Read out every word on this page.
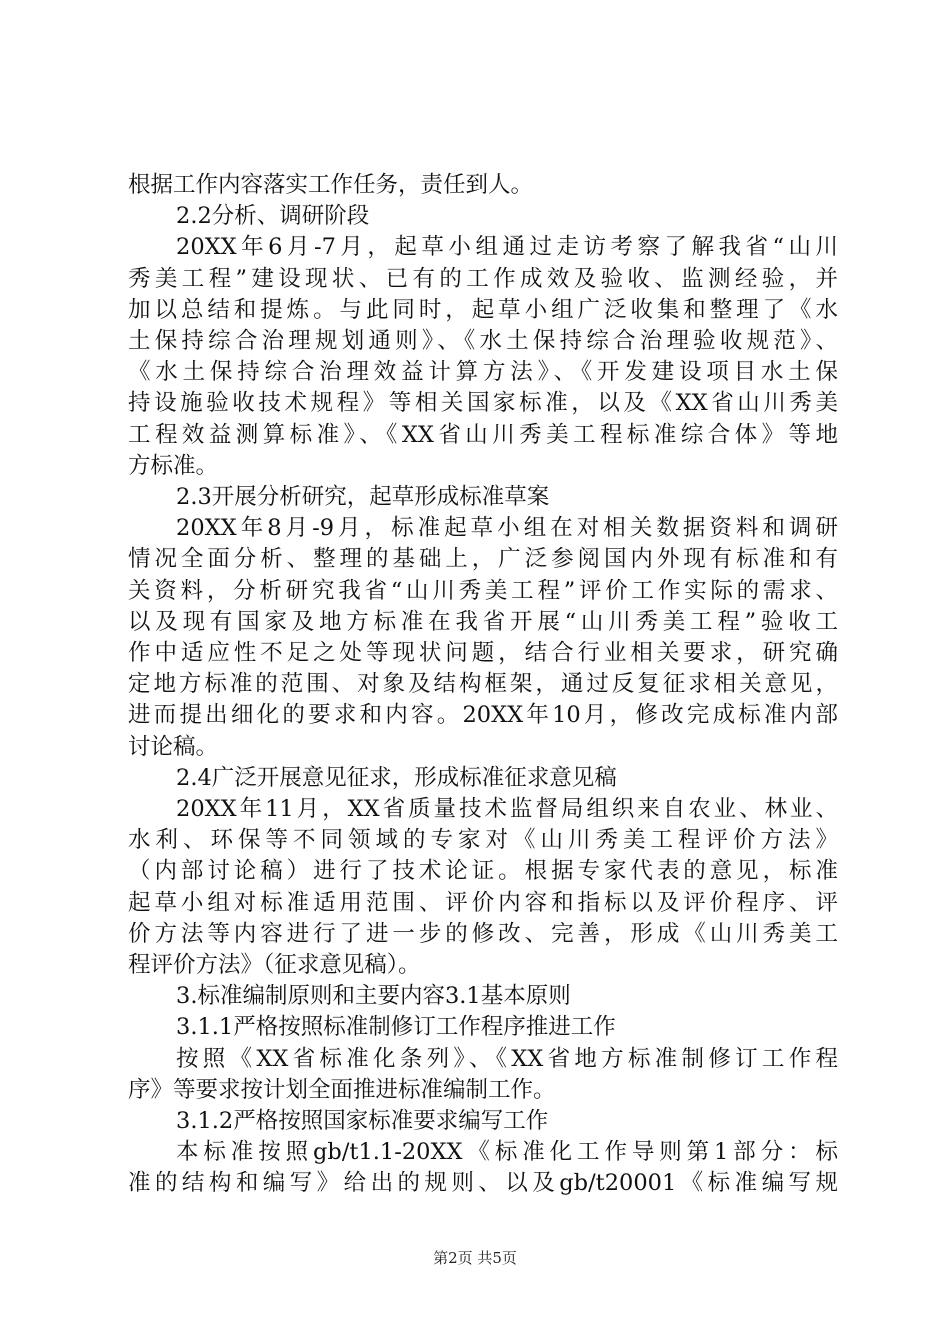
根据工作内容落实工作任务，责任到人。
2.2分析、调研阶段
20XX年6月-7月，起草小组通过走访考察了解我省“山川
秀美工程”建设现状、已有的工作成效及验收、监测经验，并
加以总结和提炼。与此同时，起草小组广泛收集和整理了《水
土保持综合治理规划通则》、《水土保持综合治理验收规范》、
《水土保持综合治理效益计算方法》、《开发建设项目水土保
持设施验收技术规程》等相关国家标准，以及《XX省山川秀美
工程效益测算标准》、《XX省山川秀美工程标准综合体》等地
方标准。
2.3开展分析研究，起草形成标准草案
20XX年8月-9月，标准起草小组在对相关数据资料和调研
情况全面分析、整理的基础上，广泛参阅国内外现有标准和有
关资料，分析研究我省“山川秀美工程”评价工作实际的需求、
以及现有国家及地方标准在我省开展“山川秀美工程”验收工
作中适应性不足之处等现状问题，结合行业相关要求，研究确
定地方标准的范围、对象及结构框架，通过反复征求相关意见，
进而提出细化的要求和内容。20XX年10月，修改完成标准内部
讨论稿。
2.4广泛开展意见征求，形成标准征求意见稿
20XX年11月，XX省质量技术监督局组织来自农业、林业、
水利、环保等不同领域的专家对《山川秀美工程评价方法》
（内部讨论稿）进行了技术论证。根据专家代表的意见，标准
起草小组对标准适用范围、评价内容和指标以及评价程序、评
价方法等内容进行了进一步的修改、完善，形成《山川秀美工
程评价方法》（征求意见稿）。
3.标准编制原则和主要内容3.1基本原则
3.1.1严格按照标准制修订工作程序推进工作
按照《XX省标准化条列》、《XX省地方标准制修订工作程
序》等要求按计划全面推进标准编制工作。
3.1.2严格按照国家标准要求编写工作
本标准按照gb/t1.1-20XX《标准化工作导则第1部分：标
准的结构和编写》给出的规则、以及gb/t20001《标准编写规
第2页 共5页
